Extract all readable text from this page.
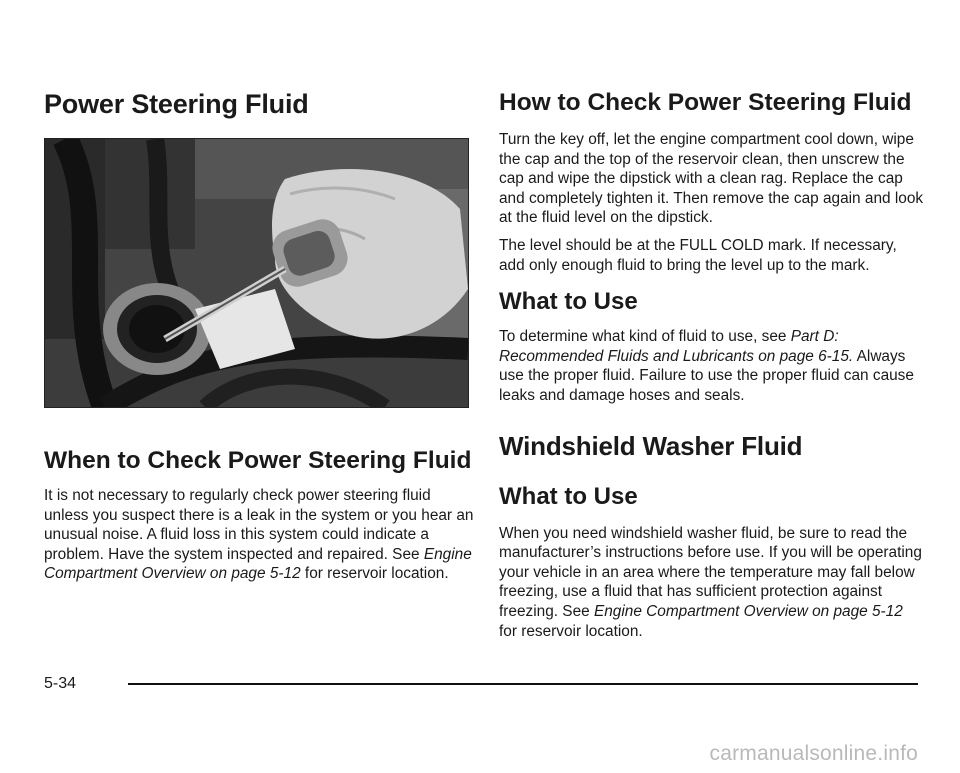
Power Steering Fluid
When to Check Power Steering Fluid

It is not necessary to regularly check power steering fluid unless you suspect there is a leak in the system or you hear an unusual noise. A fluid loss in this system could indicate a problem. Have the system inspected and repaired. See Engine Compartment Overview on page 5-12 for reservoir location.

How to Check Power Steering Fluid

Turn the key off, let the engine compartment cool down, wipe the cap and the top of the reservoir clean, then unscrew the cap and wipe the dipstick with a clean rag. Replace the cap and completely tighten it. Then remove the cap again and look at the fluid level on the dipstick.

The level should be at the FULL COLD mark. If necessary, add only enough fluid to bring the level up to the mark.

What to Use

To determine what kind of fluid to use, see Part D: Recommended Fluids and Lubricants on page 6-15. Always use the proper fluid. Failure to use the proper fluid can cause leaks and damage hoses and seals.

Windshield Washer Fluid
What to Use

When you need windshield washer fluid, be sure to read the manufacturer’s instructions before use. If you will be operating your vehicle in an area where the temperature may fall below freezing, use a fluid that has sufficient protection against freezing. See Engine Compartment Overview on page 5-12 for reservoir location.

5-34
carmanualsonline.info
